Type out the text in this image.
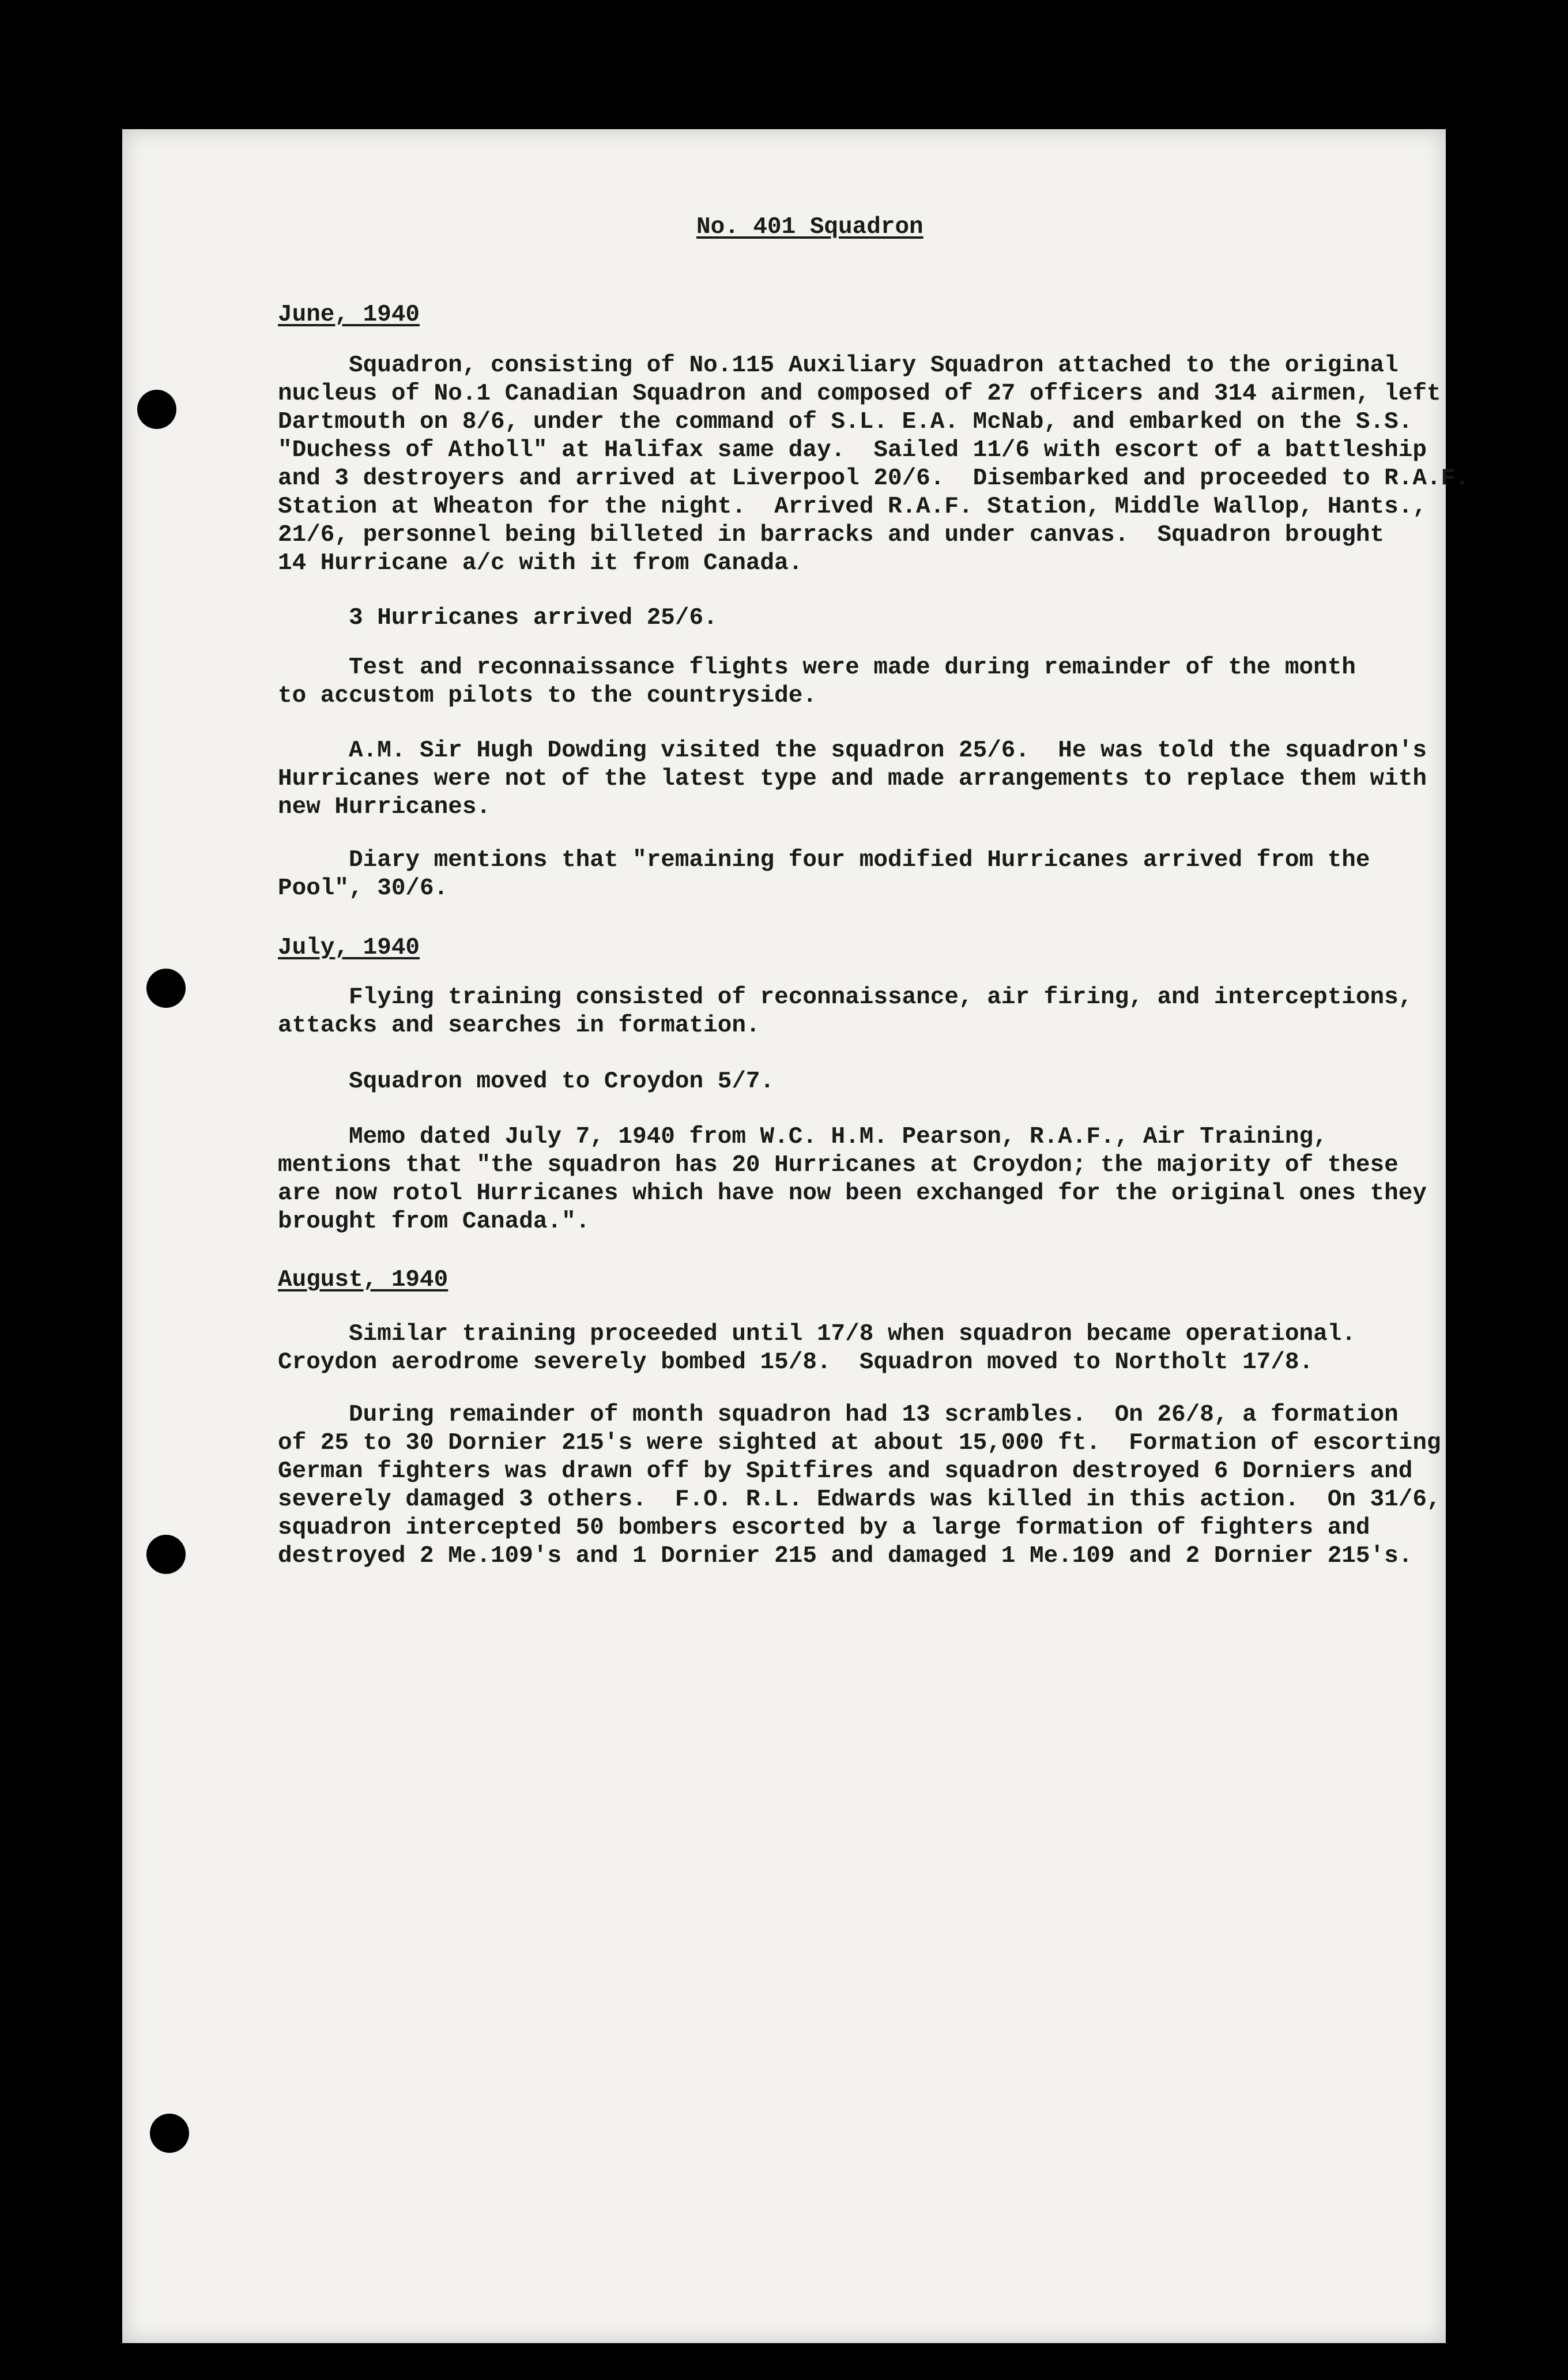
No. 401 Squadron
June, 1940
Squadron, consisting of No.115 Auxiliary Squadron attached to the original
nucleus of No.1 Canadian Squadron and composed of 27 officers and 314 airmen, left
Dartmouth on 8/6, under the command of S.L. E.A. McNab, and embarked on the S.S.
"Duchess of Atholl" at Halifax same day.  Sailed 11/6 with escort of a battleship
and 3 destroyers and arrived at Liverpool 20/6.  Disembarked and proceeded to R.A.F.
Station at Wheaton for the night.  Arrived R.A.F. Station, Middle Wallop, Hants.,
21/6, personnel being billeted in barracks and under canvas.  Squadron brought
14 Hurricane a/c with it from Canada.
3 Hurricanes arrived 25/6.
Test and reconnaissance flights were made during remainder of the month
to accustom pilots to the countryside.
A.M. Sir Hugh Dowding visited the squadron 25/6.  He was told the squadron's
Hurricanes were not of the latest type and made arrangements to replace them with
new Hurricanes.
Diary mentions that "remaining four modified Hurricanes arrived from the
Pool", 30/6.
July, 1940
Flying training consisted of reconnaissance, air firing, and interceptions,
attacks and searches in formation.
Squadron moved to Croydon 5/7.
Memo dated July 7, 1940 from W.C. H.M. Pearson, R.A.F., Air Training,
mentions that "the squadron has 20 Hurricanes at Croydon; the majority of these
are now rotol Hurricanes which have now been exchanged for the original ones they
brought from Canada.".
August, 1940
Similar training proceeded until 17/8 when squadron became operational.
Croydon aerodrome severely bombed 15/8.  Squadron moved to Northolt 17/8.
During remainder of month squadron had 13 scrambles.  On 26/8, a formation
of 25 to 30 Dornier 215's were sighted at about 15,000 ft.  Formation of escorting
German fighters was drawn off by Spitfires and squadron destroyed 6 Dorniers and
severely damaged 3 others.  F.O. R.L. Edwards was killed in this action.  On 31/6,
squadron intercepted 50 bombers escorted by a large formation of fighters and
destroyed 2 Me.109's and 1 Dornier 215 and damaged 1 Me.109 and 2 Dornier 215's.
